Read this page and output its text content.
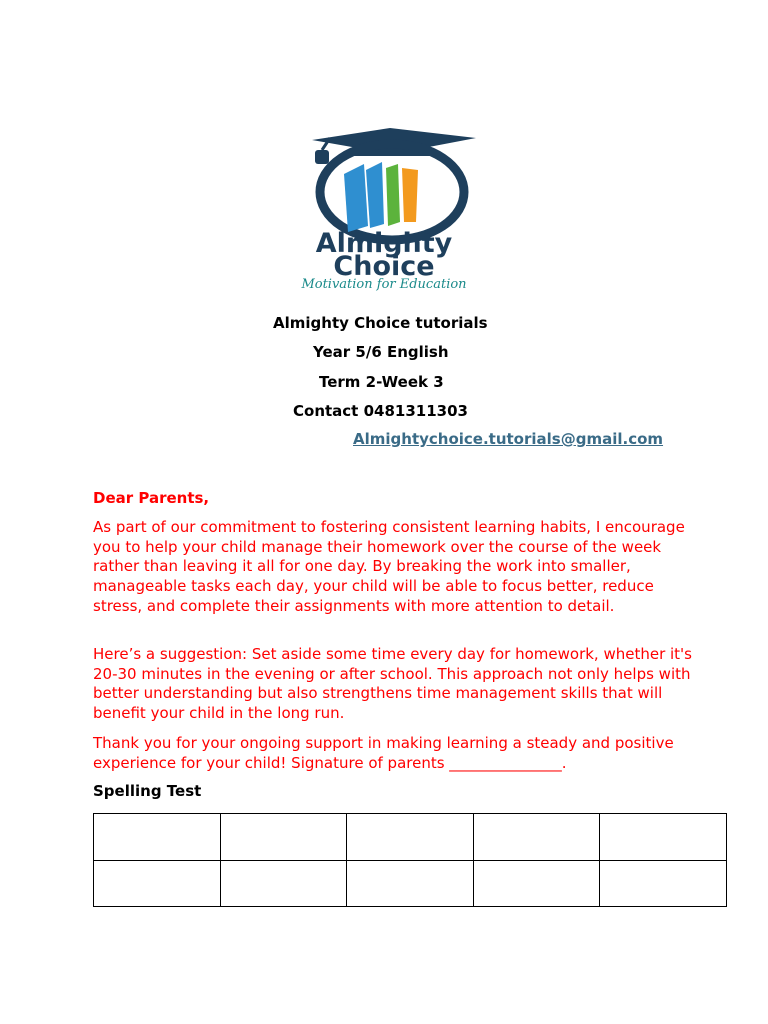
Almighty
Choice
Motivation for Education
Almighty Choice tutorials
Year 5/6 English
Term 2-Week 3
Contact 0481311303
Almightychoice.tutorials@gmail.com
Dear Parents,

As part of our commitment to fostering consistent learning habits, I encourage you to help your child manage their homework over the course of the week rather than leaving it all for one day. By breaking the work into smaller, manageable tasks each day, your child will be able to focus better, reduce stress, and complete their assignments with more attention to detail.

Here’s a suggestion: Set aside some time every day for homework, whether it's 20-30 minutes in the evening or after school. This approach not only helps with better understanding but also strengthens time management skills that will benefit your child in the long run.

Thank you for your ongoing support in making learning a steady and positive experience for your child! Signature of parents _______________.

Spelling Test
